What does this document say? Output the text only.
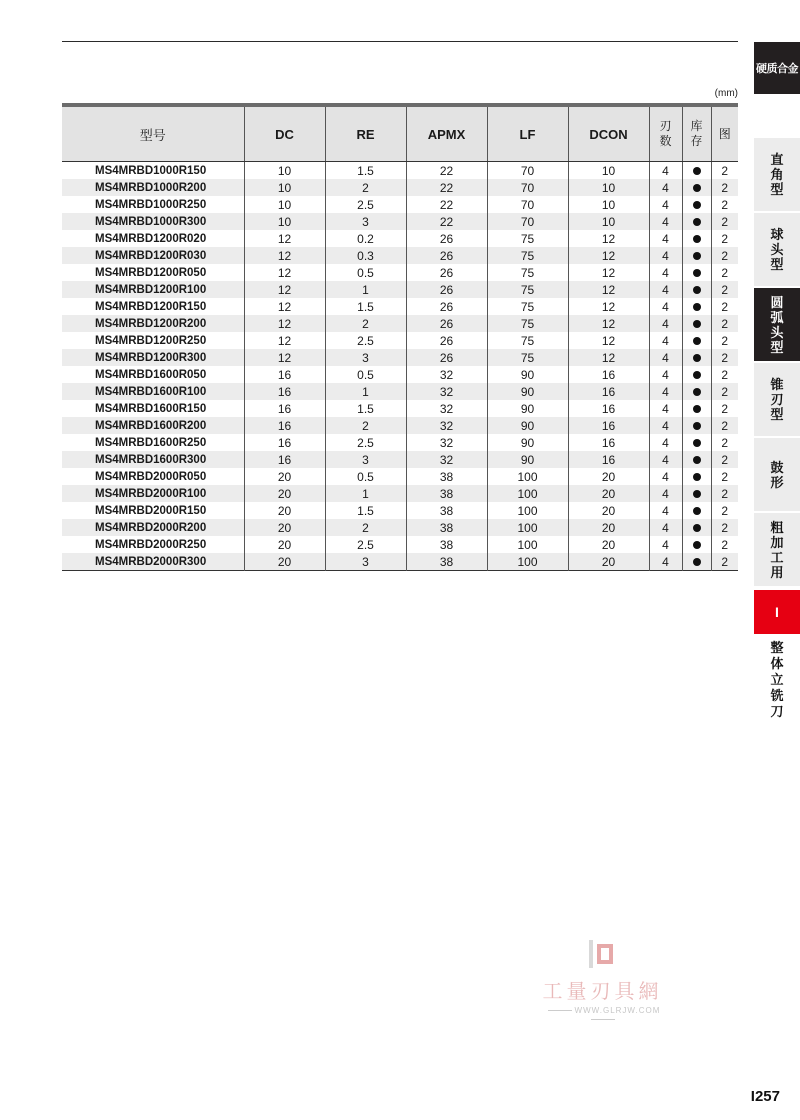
(mm)
型号	DC	RE	APMX	LF	DCON	刃数	库存	图
MS4MRBD1000R150	10	1.5	22	70	10	4		2
MS4MRBD1000R200	10	2	22	70	10	4		2
MS4MRBD1000R250	10	2.5	22	70	10	4		2
MS4MRBD1000R300	10	3	22	70	10	4		2
MS4MRBD1200R020	12	0.2	26	75	12	4		2
MS4MRBD1200R030	12	0.3	26	75	12	4		2
MS4MRBD1200R050	12	0.5	26	75	12	4		2
MS4MRBD1200R100	12	1	26	75	12	4		2
MS4MRBD1200R150	12	1.5	26	75	12	4		2
MS4MRBD1200R200	12	2	26	75	12	4		2
MS4MRBD1200R250	12	2.5	26	75	12	4		2
MS4MRBD1200R300	12	3	26	75	12	4		2
MS4MRBD1600R050	16	0.5	32	90	16	4		2
MS4MRBD1600R100	16	1	32	90	16	4		2
MS4MRBD1600R150	16	1.5	32	90	16	4		2
MS4MRBD1600R200	16	2	32	90	16	4		2
MS4MRBD1600R250	16	2.5	32	90	16	4		2
MS4MRBD1600R300	16	3	32	90	16	4		2
MS4MRBD2000R050	20	0.5	38	100	20	4		2
MS4MRBD2000R100	20	1	38	100	20	4		2
MS4MRBD2000R150	20	1.5	38	100	20	4		2
MS4MRBD2000R200	20	2	38	100	20	4		2
MS4MRBD2000R250	20	2.5	38	100	20	4		2
MS4MRBD2000R300	20	3	38	100	20	4		2
硬质合金
直角型
球头型
圆弧头型
锥刃型
鼓形
粗加工用
I
整体立铣刀
工量刃具網
WWW.GLRJW.COM
I257
